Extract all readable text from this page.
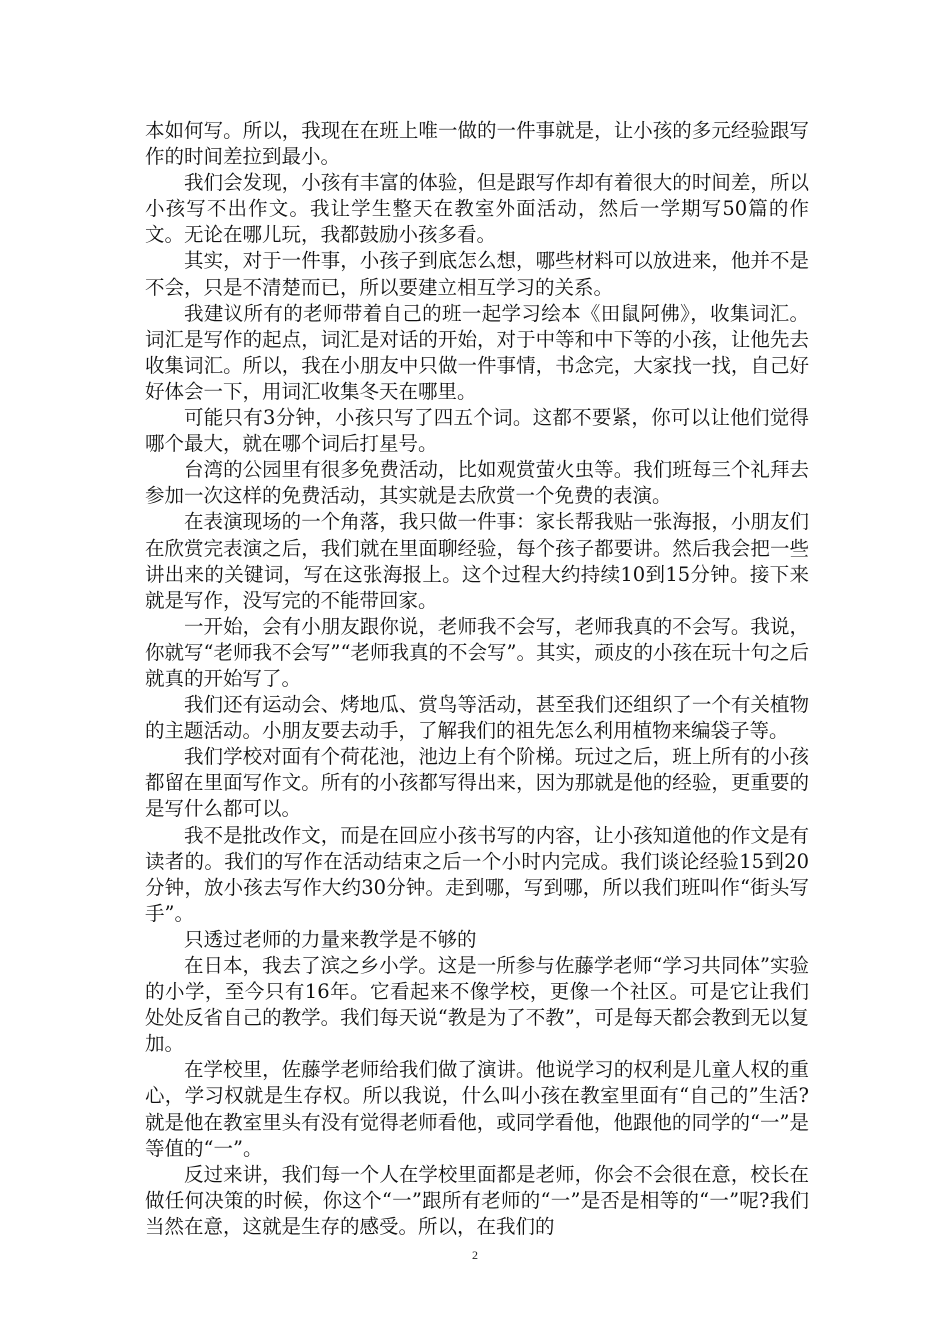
本如何写。所以，我现在在班上唯一做的一件事就是，让小孩的多元经验跟写作的时间差拉到最小。

我们会发现，小孩有丰富的体验，但是跟写作却有着很大的时间差，所以小孩写不出作文。我让学生整天在教室外面活动，然后一学期写50篇的作文。无论在哪儿玩，我都鼓励小孩多看。

其实，对于一件事，小孩子到底怎么想，哪些材料可以放进来，他并不是不会，只是不清楚而已，所以要建立相互学习的关系。

我建议所有的老师带着自己的班一起学习绘本《田鼠阿佛》，收集词汇。词汇是写作的起点，词汇是对话的开始，对于中等和中下等的小孩，让他先去收集词汇。所以，我在小朋友中只做一件事情，书念完，大家找一找，自己好好体会一下，用词汇收集冬天在哪里。

可能只有3分钟，小孩只写了四五个词。这都不要紧，你可以让他们觉得哪个最大，就在哪个词后打星号。

台湾的公园里有很多免费活动，比如观赏萤火虫等。我们班每三个礼拜去参加一次这样的免费活动，其实就是去欣赏一个免费的表演。

在表演现场的一个角落，我只做一件事：家长帮我贴一张海报，小朋友们在欣赏完表演之后，我们就在里面聊经验，每个孩子都要讲。然后我会把一些讲出来的关键词，写在这张海报上。这个过程大约持续10到15分钟。接下来就是写作，没写完的不能带回家。

一开始，会有小朋友跟你说，老师我不会写，老师我真的不会写。我说，你就写“老师我不会写”“老师我真的不会写”。其实，顽皮的小孩在玩十句之后就真的开始写了。

我们还有运动会、烤地瓜、赏鸟等活动，甚至我们还组织了一个有关植物的主题活动。小朋友要去动手，了解我们的祖先怎么利用植物来编袋子等。

我们学校对面有个荷花池，池边上有个阶梯。玩过之后，班上所有的小孩都留在里面写作文。所有的小孩都写得出来，因为那就是他的经验，更重要的是写什么都可以。

我不是批改作文，而是在回应小孩书写的内容，让小孩知道他的作文是有读者的。我们的写作在活动结束之后一个小时内完成。我们谈论经验15到20分钟，放小孩去写作大约30分钟。走到哪，写到哪，所以我们班叫作“街头写手”。

只透过老师的力量来教学是不够的

在日本，我去了滨之乡小学。这是一所参与佐藤学老师“学习共同体”实验的小学，至今只有16年。它看起来不像学校，更像一个社区。可是它让我们处处反省自己的教学。我们每天说“教是为了不教”，可是每天都会教到无以复加。

在学校里，佐藤学老师给我们做了演讲。他说学习的权利是儿童人权的重心，学习权就是生存权。所以我说，什么叫小孩在教室里面有“自己的”生活?就是他在教室里头有没有觉得老师看他，或同学看他，他跟他的同学的“一”是等值的“一”。

反过来讲，我们每一个人在学校里面都是老师，你会不会很在意，校长在做任何决策的时候，你这个“一”跟所有老师的“一”是否是相等的“一”呢?我们当然在意，这就是生存的感受。所以，在我们的

2
